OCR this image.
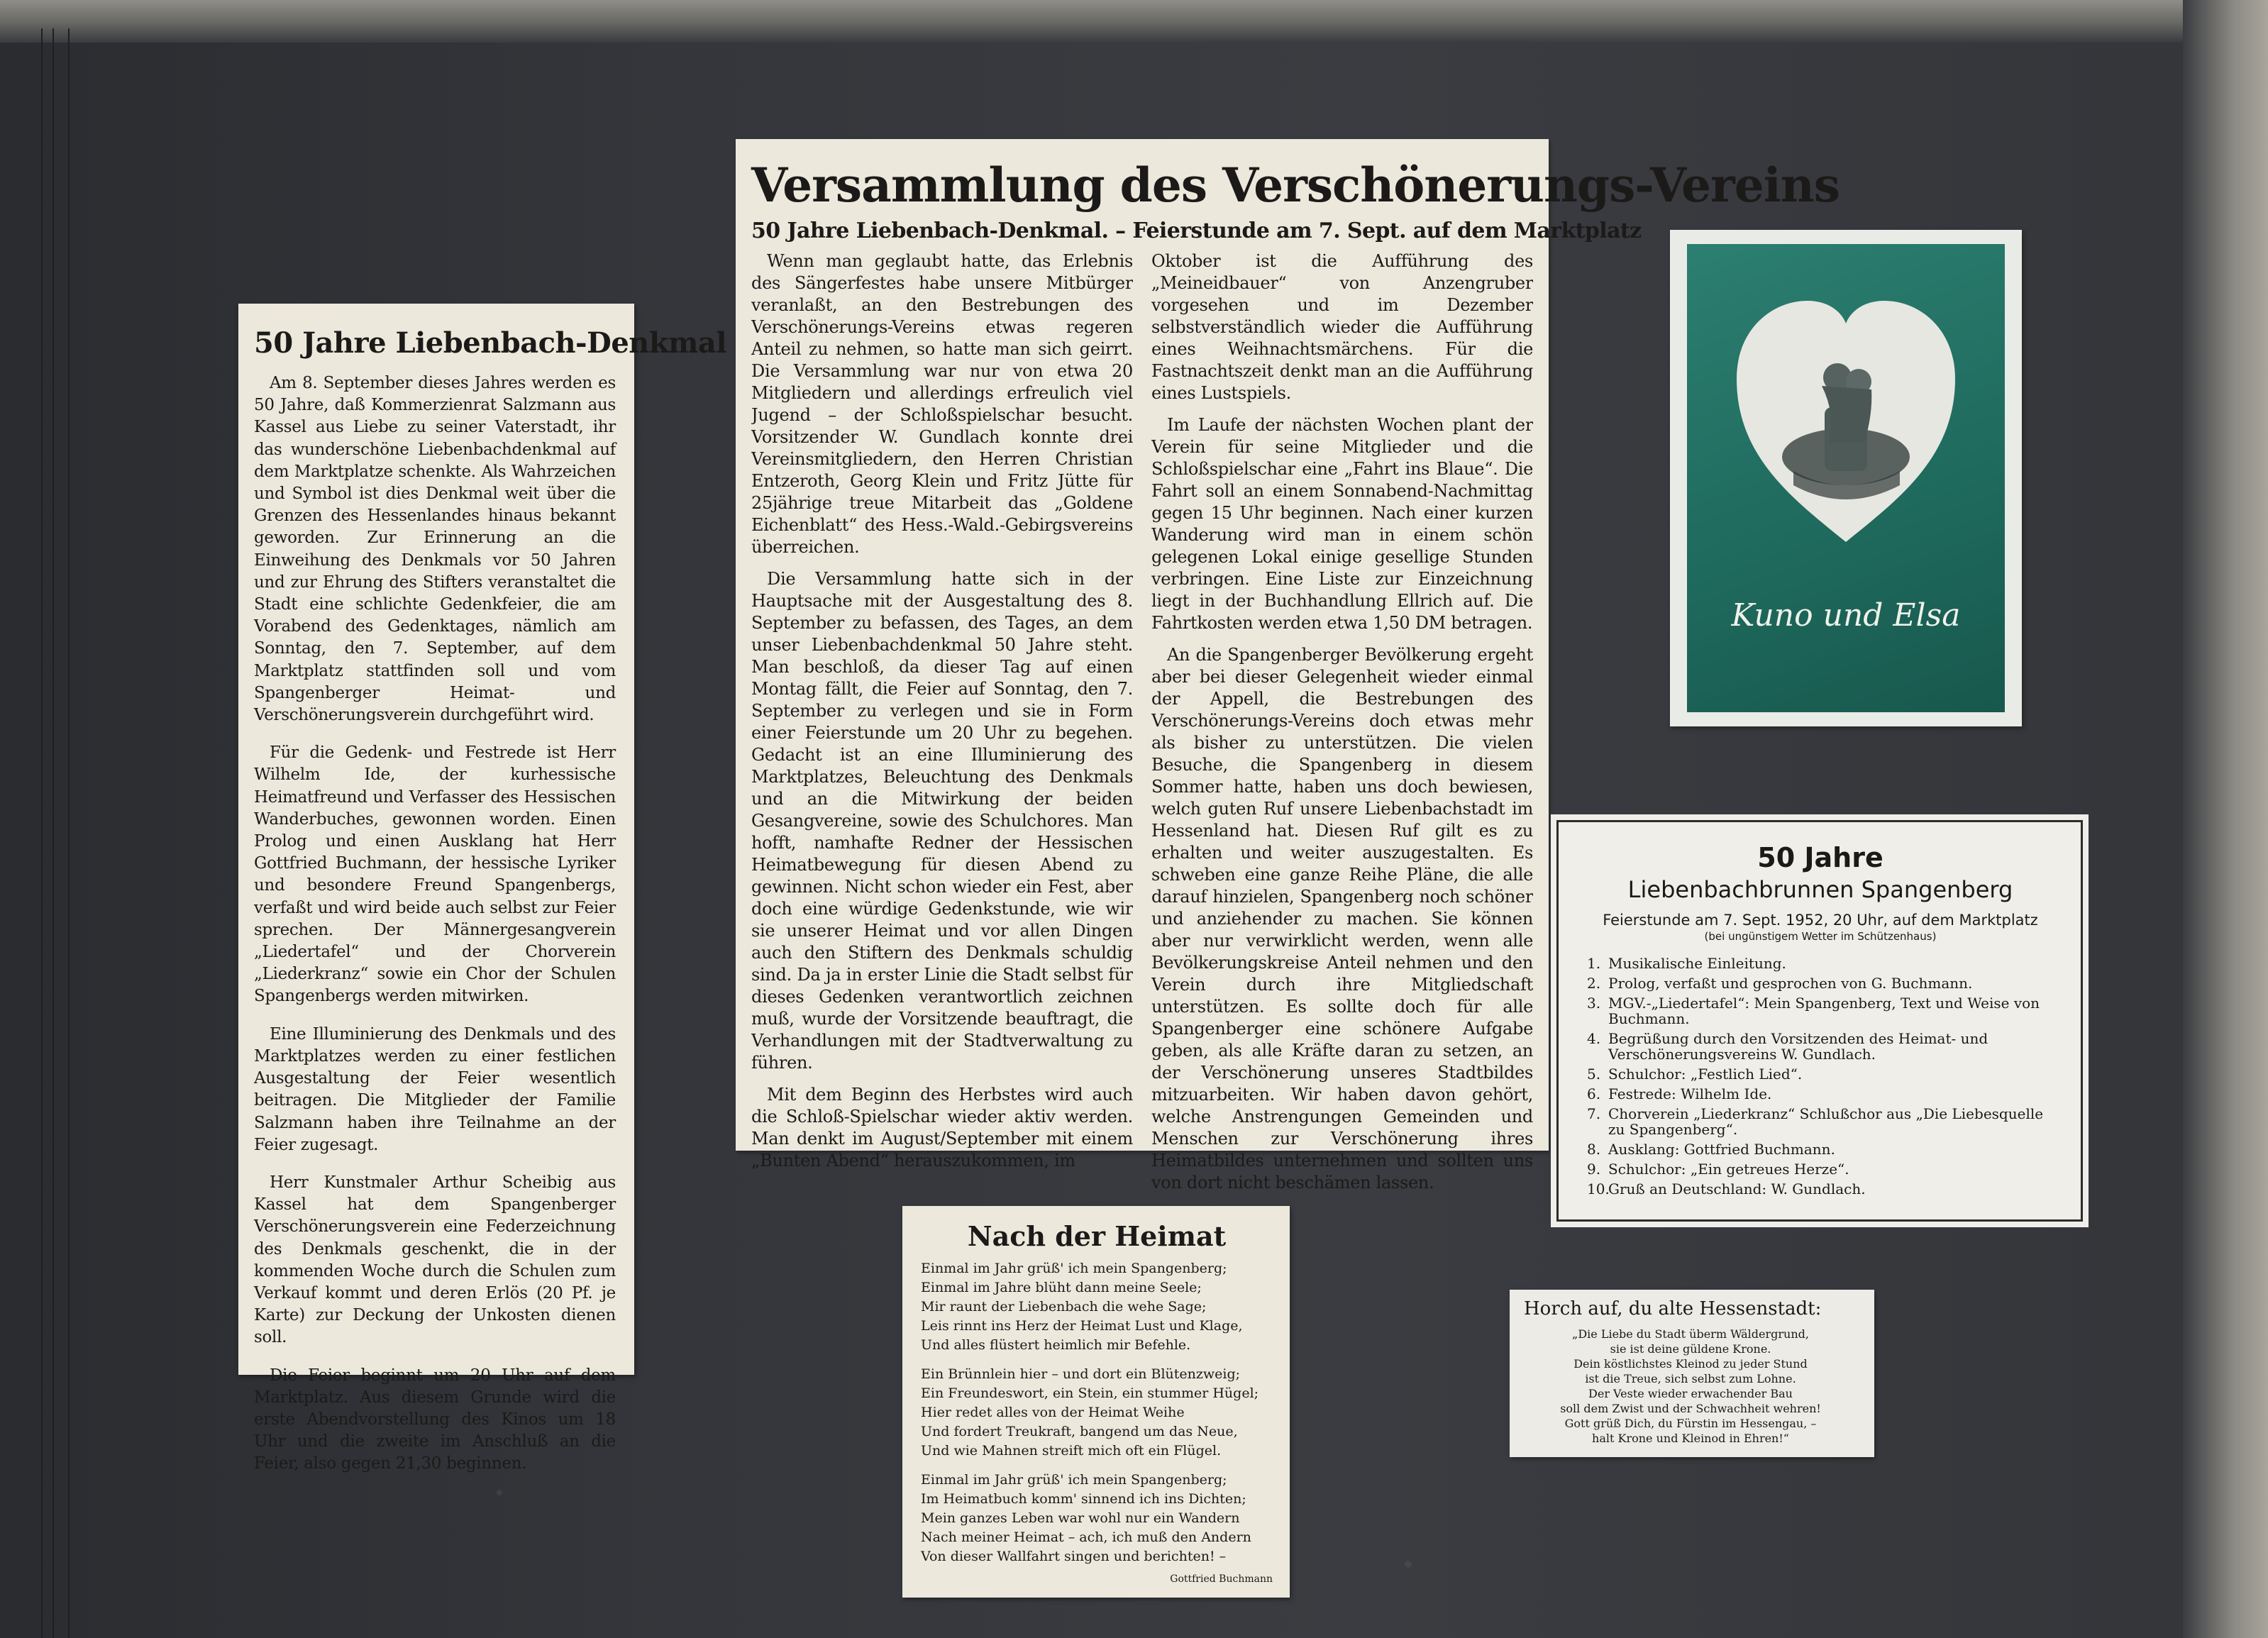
50 Jahre Liebenbach-Denkmal

Am 8. September dieses Jahres werden es 50 Jahre, daß Kommerzienrat Salzmann aus Kassel aus Liebe zu seiner Vaterstadt, ihr das wunderschöne Liebenbachdenkmal auf dem Marktplatze schenkte. Als Wahrzeichen und Symbol ist dies Denkmal weit über die Grenzen des Hessenlandes hinaus bekannt geworden. Zur Erinnerung an die Einweihung des Denkmals vor 50 Jahren und zur Ehrung des Stifters veranstaltet die Stadt eine schlichte Gedenkfeier, die am Vorabend des Gedenktages, nämlich am Sonntag, den 7. September, auf dem Marktplatz stattfinden soll und vom Spangenberger Heimat- und Verschönerungsverein durchgeführt wird.

Für die Gedenk- und Festrede ist Herr Wilhelm Ide, der kurhessische Heimatfreund und Verfasser des Hessischen Wanderbuches, gewonnen worden. Einen Prolog und einen Ausklang hat Herr Gottfried Buchmann, der hessische Lyriker und besondere Freund Spangenbergs, verfaßt und wird beide auch selbst zur Feier sprechen. Der Männergesangverein „Liedertafel“ und der Chorverein „Liederkranz“ sowie ein Chor der Schulen Spangenbergs werden mitwirken.

Eine Illuminierung des Denkmals und des Marktplatzes werden zu einer festlichen Ausgestaltung der Feier wesentlich beitragen. Die Mitglieder der Familie Salzmann haben ihre Teilnahme an der Feier zugesagt.

Herr Kunstmaler Arthur Scheibig aus Kassel hat dem Spangenberger Verschönerungsverein eine Federzeichnung des Denkmals geschenkt, die in der kommenden Woche durch die Schulen zum Verkauf kommt und deren Erlös (20 Pf. je Karte) zur Deckung der Unkosten dienen soll.

Die Feier beginnt um 20 Uhr auf dem Marktplatz. Aus diesem Grunde wird die erste Abendvorstellung des Kinos um 18 Uhr und die zweite im Anschluß an die Feier, also gegen 21,30 beginnen.

Versammlung des Verschönerungs-Vereins
50 Jahre Liebenbach-Denkmal. – Feierstunde am 7. Sept. auf dem Marktplatz

Wenn man geglaubt hatte, das Erlebnis des Sängerfestes habe unsere Mitbürger veranlaßt, an den Bestrebungen des Verschönerungs-Vereins etwas regeren Anteil zu nehmen, so hatte man sich geirrt. Die Versammlung war nur von etwa 20 Mitgliedern und allerdings erfreulich viel Jugend – der Schloßspielschar besucht. Vorsitzender W. Gundlach konnte drei Vereinsmitgliedern, den Herren Christian Entzeroth, Georg Klein und Fritz Jütte für 25jährige treue Mitarbeit das „Goldene Eichenblatt“ des Hess.-Wald.-Gebirgsvereins überreichen.

Die Versammlung hatte sich in der Hauptsache mit der Ausgestaltung des 8. September zu befassen, des Tages, an dem unser Liebenbachdenkmal 50 Jahre steht. Man beschloß, da dieser Tag auf einen Montag fällt, die Feier auf Sonntag, den 7. September zu verlegen und sie in Form einer Feierstunde um 20 Uhr zu begehen. Gedacht ist an eine Illuminierung des Marktplatzes, Beleuchtung des Denkmals und an die Mitwirkung der beiden Gesangvereine, sowie des Schulchores. Man hofft, namhafte Redner der Hessischen Heimatbewegung für diesen Abend zu gewinnen. Nicht schon wieder ein Fest, aber doch eine würdige Gedenkstunde, wie wir sie unserer Heimat und vor allen Dingen auch den Stiftern des Denkmals schuldig sind. Da ja in erster Linie die Stadt selbst für dieses Gedenken verantwortlich zeichnen muß, wurde der Vorsitzende beauftragt, die Verhandlungen mit der Stadtverwaltung zu führen.

Mit dem Beginn des Herbstes wird auch die Schloß-Spielschar wieder aktiv werden. Man denkt im August/September mit einem „Bunten Abend“ herauszukommen, im

Oktober ist die Aufführung des „Meineidbauer“ von Anzengruber vorgesehen und im Dezember selbstverständlich wieder die Aufführung eines Weihnachtsmärchens. Für die Fastnachtszeit denkt man an die Aufführung eines Lustspiels.

Im Laufe der nächsten Wochen plant der Verein für seine Mitglieder und die Schloßspielschar eine „Fahrt ins Blaue“. Die Fahrt soll an einem Sonnabend-Nachmittag gegen 15 Uhr beginnen. Nach einer kurzen Wanderung wird man in einem schön gelegenen Lokal einige gesellige Stunden verbringen. Eine Liste zur Einzeichnung liegt in der Buchhandlung Ellrich auf. Die Fahrtkosten werden etwa 1,50 DM betragen.

An die Spangenberger Bevölkerung ergeht aber bei dieser Gelegenheit wieder einmal der Appell, die Bestrebungen des Verschönerungs-Vereins doch etwas mehr als bisher zu unterstützen. Die vielen Besuche, die Spangenberg in diesem Sommer hatte, haben uns doch bewiesen, welch guten Ruf unsere Liebenbachstadt im Hessenland hat. Diesen Ruf gilt es zu erhalten und weiter auszugestalten. Es schweben eine ganze Reihe Pläne, die alle darauf hinzielen, Spangenberg noch schöner und anziehender zu machen. Sie können aber nur verwirklicht werden, wenn alle Bevölkerungskreise Anteil nehmen und den Verein durch ihre Mitgliedschaft unterstützen. Es sollte doch für alle Spangenberger eine schönere Aufgabe geben, als alle Kräfte daran zu setzen, an der Verschönerung unseres Stadtbildes mitzuarbeiten. Wir haben davon gehört, welche Anstrengungen Gemeinden und Menschen zur Verschönerung ihres Heimatbildes unternehmen und sollten uns von dort nicht beschämen lassen.

Nach der Heimat
Einmal im Jahr grüß' ich mein Spangenberg;
Einmal im Jahre blüht dann meine Seele;
Mir raunt der Liebenbach die wehe Sage;
Leis rinnt ins Herz der Heimat Lust und Klage,
Und alles flüstert heimlich mir Befehle.
Ein Brünnlein hier – und dort ein Blütenzweig;
Ein Freundeswort, ein Stein, ein stummer Hügel;
Hier redet alles von der Heimat Weihe
Und fordert Treukraft, bangend um das Neue,
Und wie Mahnen streift mich oft ein Flügel.
Einmal im Jahr grüß' ich mein Spangenberg;
Im Heimatbuch komm' sinnend ich ins Dichten;
Mein ganzes Leben war wohl nur ein Wandern
Nach meiner Heimat – ach, ich muß den Andern
Von dieser Wallfahrt singen und berichten! –
Gottfried Buchmann
Kuno und Elsa
50 Jahre
Liebenbachbrunnen Spangenberg
Feierstunde am 7. Sept. 1952, 20 Uhr, auf dem Marktplatz
(bei ungünstigem Wetter im Schützenhaus)
1. Musikalische Einleitung.
2. Prolog, verfaßt und gesprochen von G. Buchmann.
3. MGV.-„Liedertafel“: Mein Spangenberg, Text und Weise von Buchmann.
4. Begrüßung durch den Vorsitzenden des Heimat- und Verschönerungsvereins W. Gundlach.
5. Schulchor: „Festlich Lied“.
6. Festrede: Wilhelm Ide.
7. Chorverein „Liederkranz“ Schlußchor aus „Die Liebesquelle zu Spangenberg“.
8. Ausklang: Gottfried Buchmann.
9. Schulchor: „Ein getreues Herze“.
10.
Gruß an Deutschland: W. Gundlach.
Horch auf, du alte Hessenstadt:
„Die Liebe du Stadt überm Wäldergrund,
sie ist deine güldene Krone.
Dein köstlichstes Kleinod zu jeder Stund
ist die Treue, sich selbst zum Lohne.
Der Veste wieder erwachender Bau
soll dem Zwist und der Schwachheit wehren!
Gott grüß Dich, du Fürstin im Hessengau, –
halt Krone und Kleinod in Ehren!“
